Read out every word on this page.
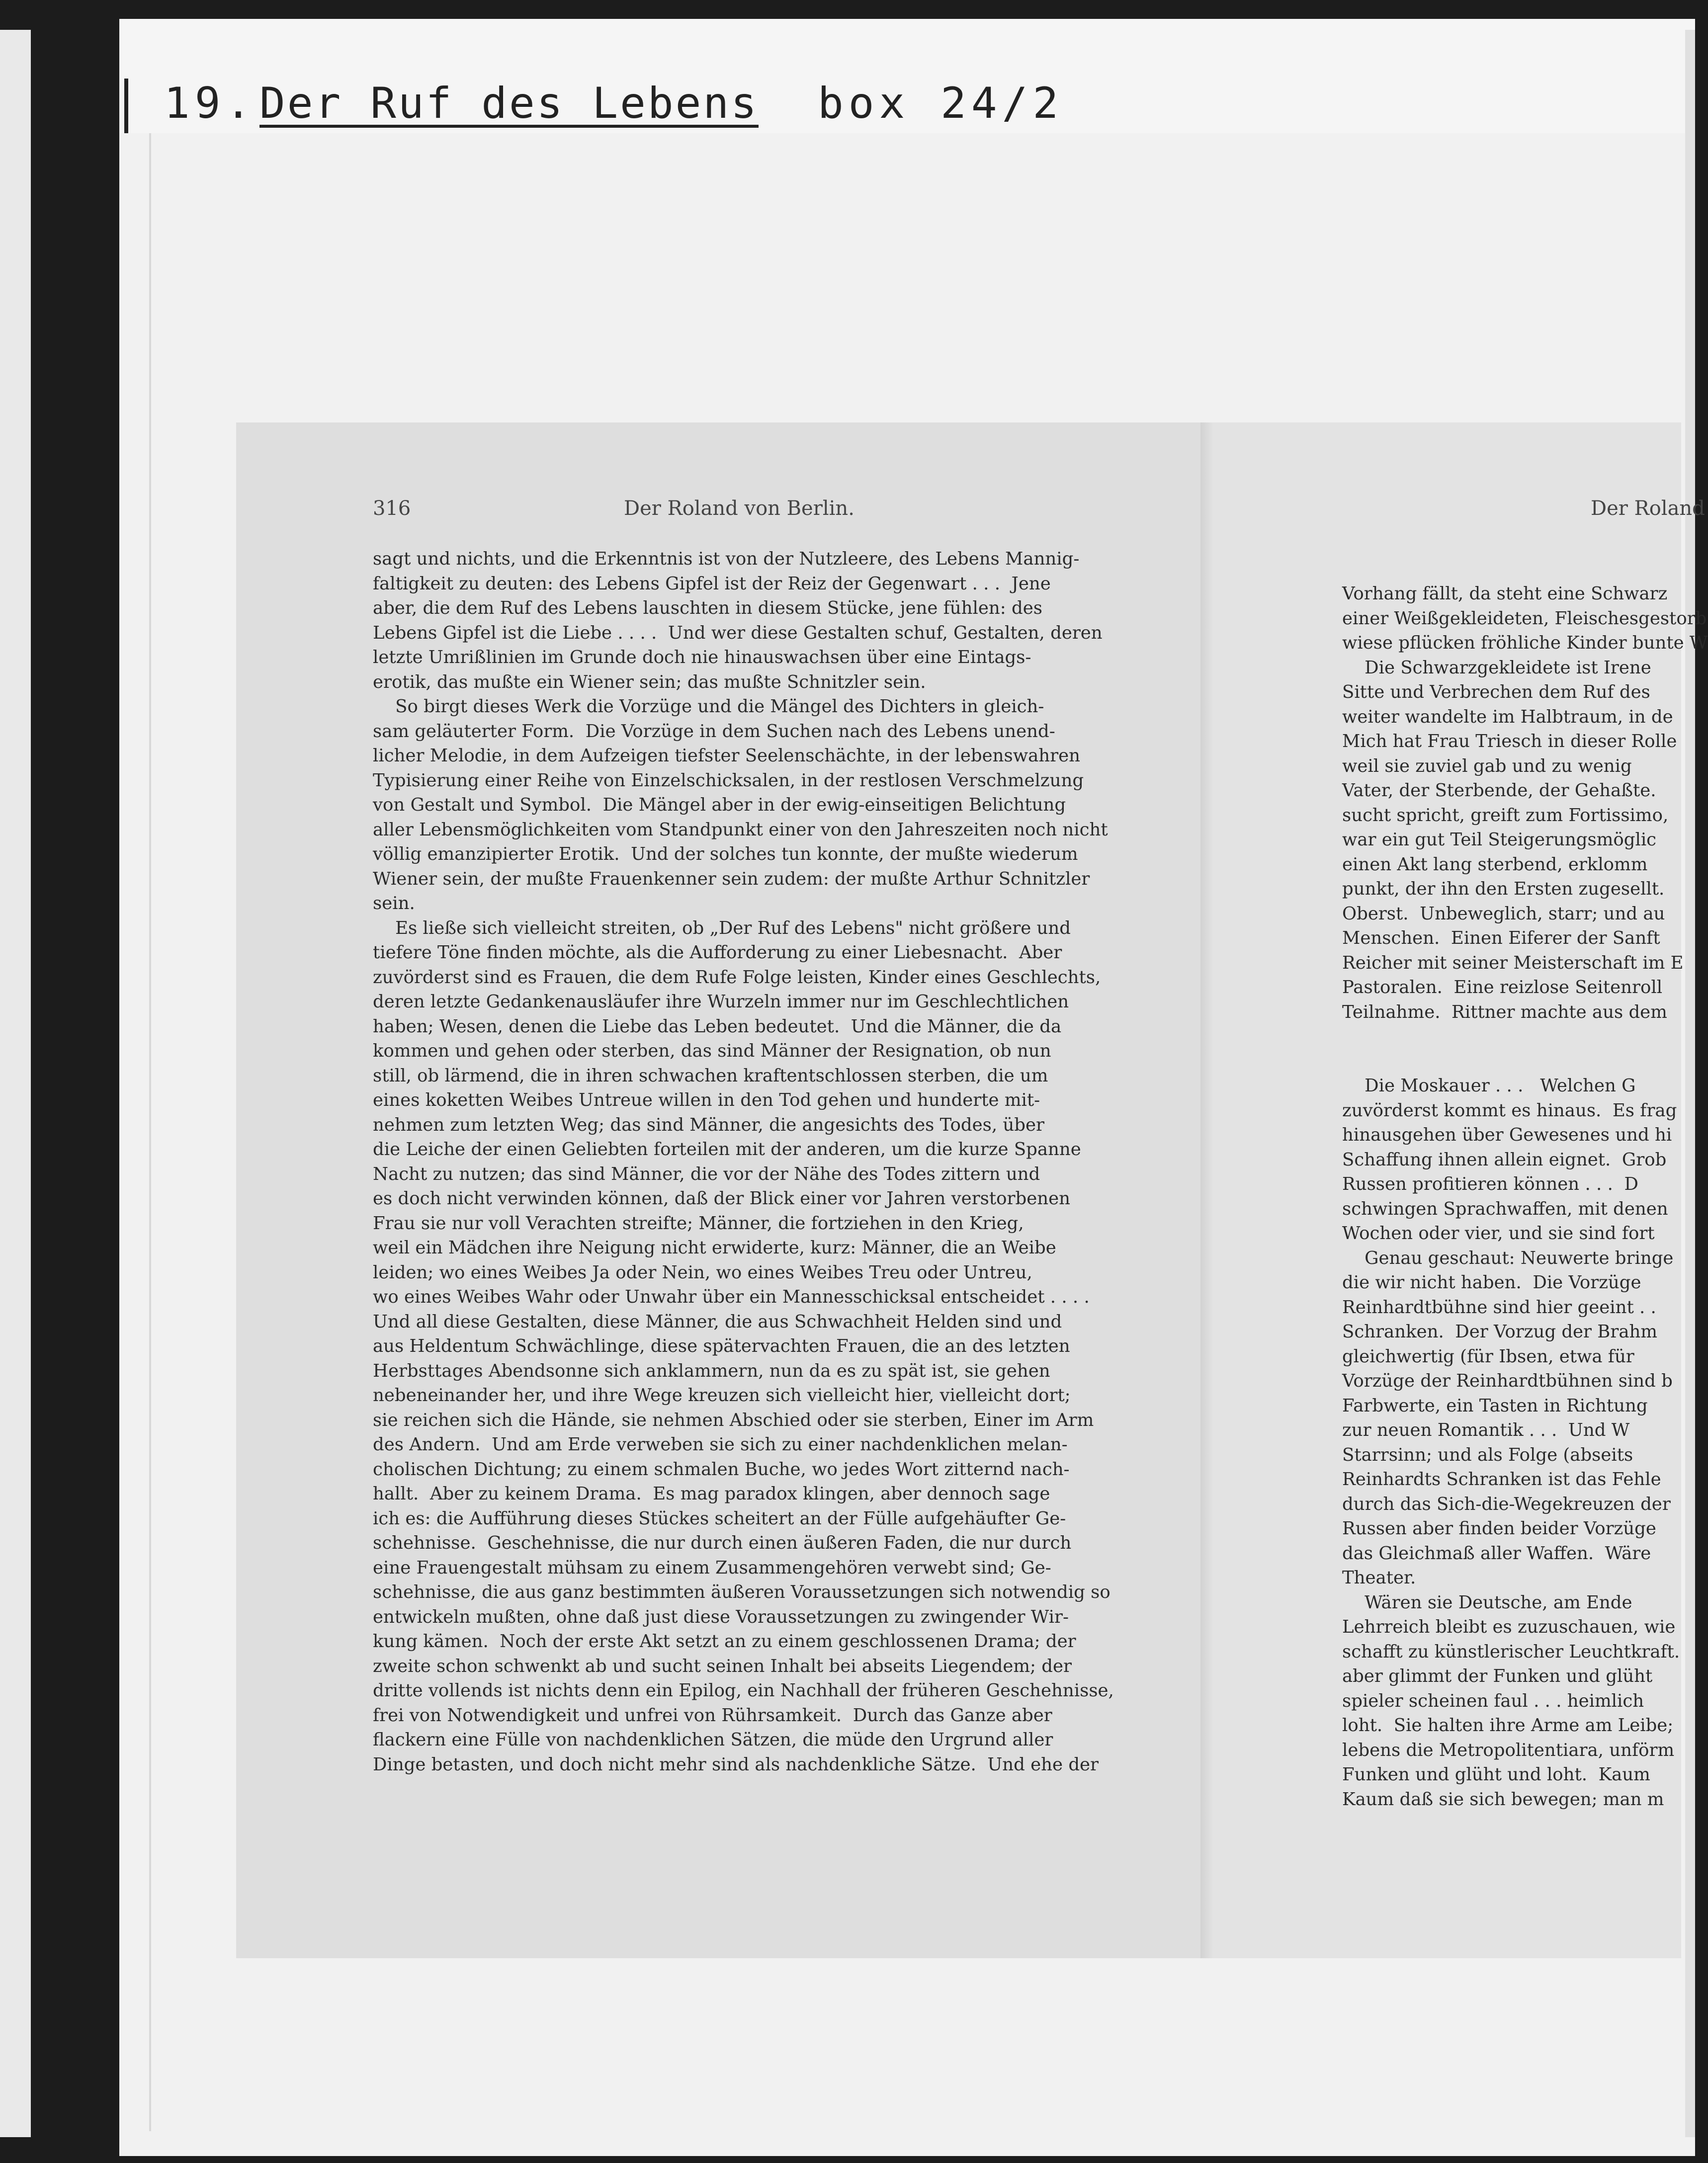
19. Der Ruf des Lebens box 24/2
316	Der Roland von Berlin.
sagt und nichts, und die Erkenntnis ist von der Nutzleere, des Lebens Mannig-
faltigkeit zu deuten: des Lebens Gipfel ist der Reiz der Gegenwart . . .  Jene
aber, die dem Ruf des Lebens lauschten in diesem Stücke, jene fühlen: des
Lebens Gipfel ist die Liebe . . . .  Und wer diese Gestalten schuf, Gestalten, deren
letzte Umrißlinien im Grunde doch nie hinauswachsen über eine Eintags-
erotik, das mußte ein Wiener sein; das mußte Schnitzler sein.
So birgt dieses Werk die Vorzüge und die Mängel des Dichters in gleich-
sam geläuterter Form.  Die Vorzüge in dem Suchen nach des Lebens unend-
licher Melodie, in dem Aufzeigen tiefster Seelenschächte, in der lebenswahren
Typisierung einer Reihe von Einzelschicksalen, in der restlosen Verschmelzung
von Gestalt und Symbol.  Die Mängel aber in der ewig-einseitigen Belichtung
aller Lebensmöglichkeiten vom Standpunkt einer von den Jahreszeiten noch nicht
völlig emanzipierter Erotik.  Und der solches tun konnte, der mußte wiederum
Wiener sein, der mußte Frauenkenner sein zudem: der mußte Arthur Schnitzler
sein.
Es ließe sich vielleicht streiten, ob „Der Ruf des Lebens" nicht größere und
tiefere Töne finden möchte, als die Aufforderung zu einer Liebesnacht.  Aber
zuvörderst sind es Frauen, die dem Rufe Folge leisten, Kinder eines Geschlechts,
deren letzte Gedankenausläufer ihre Wurzeln immer nur im Geschlechtlichen
haben; Wesen, denen die Liebe das Leben bedeutet.  Und die Männer, die da
kommen und gehen oder sterben, das sind Männer der Resignation, ob nun
still, ob lärmend, die in ihren schwachen kraftentschlossen sterben, die um
eines koketten Weibes Untreue willen in den Tod gehen und hunderte mit-
nehmen zum letzten Weg; das sind Männer, die angesichts des Todes, über
die Leiche der einen Geliebten forteilen mit der anderen, um die kurze Spanne
Nacht zu nutzen; das sind Männer, die vor der Nähe des Todes zittern und
es doch nicht verwinden können, daß der Blick einer vor Jahren verstorbenen
Frau sie nur voll Verachten streifte; Männer, die fortziehen in den Krieg,
weil ein Mädchen ihre Neigung nicht erwiderte, kurz: Männer, die an Weibe
leiden; wo eines Weibes Ja oder Nein, wo eines Weibes Treu oder Untreu,
wo eines Weibes Wahr oder Unwahr über ein Mannesschicksal entscheidet . . . .
Und all diese Gestalten, diese Männer, die aus Schwachheit Helden sind und
aus Heldentum Schwächlinge, diese spätervachten Frauen, die an des letzten
Herbsttages Abendsonne sich anklammern, nun da es zu spät ist, sie gehen
nebeneinander her, und ihre Wege kreuzen sich vielleicht hier, vielleicht dort;
sie reichen sich die Hände, sie nehmen Abschied oder sie sterben, Einer im Arm
des Andern.  Und am Erde verweben sie sich zu einer nachdenklichen melan-
cholischen Dichtung; zu einem schmalen Buche, wo jedes Wort zitternd nach-
hallt.  Aber zu keinem Drama.  Es mag paradox klingen, aber dennoch sage
ich es: die Aufführung dieses Stückes scheitert an der Fülle aufgehäufter Ge-
schehnisse.  Geschehnisse, die nur durch einen äußeren Faden, die nur durch
eine Frauengestalt mühsam zu einem Zusammengehören verwebt sind; Ge-
schehnisse, die aus ganz bestimmten äußeren Voraussetzungen sich notwendig so
entwickeln mußten, ohne daß just diese Voraussetzungen zu zwingender Wir-
kung kämen.  Noch der erste Akt setzt an zu einem geschlossenen Drama; der
zweite schon schwenkt ab und sucht seinen Inhalt bei abseits Liegendem; der
dritte vollends ist nichts denn ein Epilog, ein Nachhall der früheren Geschehnisse,
frei von Notwendigkeit und unfrei von Rührsamkeit.  Durch das Ganze aber
flackern eine Fülle von nachdenklichen Sätzen, die müde den Urgrund aller
Dinge betasten, und doch nicht mehr sind als nachdenkliche Sätze.  Und ehe der
Der Roland
Vorhang fällt, da steht eine Schwarz
einer Weißgekleideten, Fleischesgestorb
wiese pflücken fröhliche Kinder bunte W
Die Schwarzgekleidete ist Irene
Sitte und Verbrechen dem Ruf des
weiter wandelte im Halbtraum, in de
Mich hat Frau Triesch in dieser Rolle
weil sie zuviel gab und zu wenig
Vater, der Sterbende, der Gehaßte.
sucht spricht, greift zum Fortissimo,
war ein gut Teil Steigerungsmöglic
einen Akt lang sterbend, erklomm
punkt, der ihn den Ersten zugesellt.
Oberst.  Unbeweglich, starr; und au
Menschen.  Einen Eiferer der Sanft
Reicher mit seiner Meisterschaft im E
Pastoralen.  Eine reizlose Seitenroll
Teilnahme.  Rittner machte aus dem

Die Moskauer . . .   Welchen G
zuvörderst kommt es hinaus.  Es frag
hinausgehen über Gewesenes und hi
Schaffung ihnen allein eignet.  Grob
Russen profitieren können . . .  D
schwingen Sprachwaffen, mit denen
Wochen oder vier, und sie sind fort
Genau geschaut: Neuwerte bringe
die wir nicht haben.  Die Vorzüge
Reinhardtbühne sind hier geeint . .
Schranken.  Der Vorzug der Brahm
gleichwertig (für Ibsen, etwa für
Vorzüge der Reinhardtbühnen sind b
Farbwerte, ein Tasten in Richtung
zur neuen Romantik . . .  Und W
Starrsinn; und als Folge (abseits
Reinhardts Schranken ist das Fehle
durch das Sich-die-Wegekreuzen der
Russen aber finden beider Vorzüge
das Gleichmaß aller Waffen.  Wäre
Theater.
Wären sie Deutsche, am Ende
Lehrreich bleibt es zuzuschauen, wie
schafft zu künstlerischer Leuchtkraft.
aber glimmt der Funken und glüht
spieler scheinen faul . . . heimlich
loht.  Sie halten ihre Arme am Leibe;
lebens die Metropolitentiara, unförm
Funken und glüht und loht.  Kaum
Kaum daß sie sich bewegen; man m
